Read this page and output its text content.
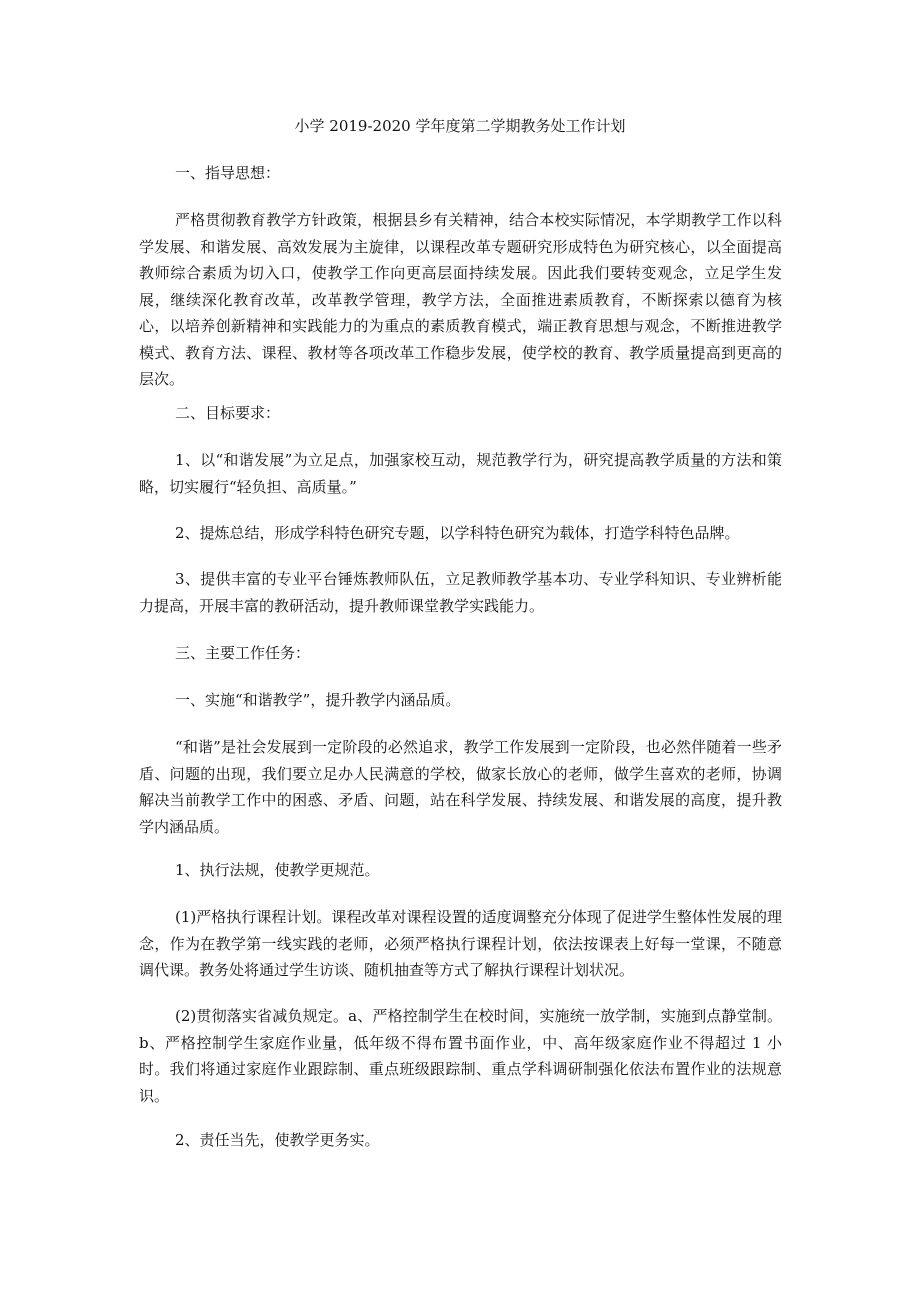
小学 2019-2020 学年度第二学期教务处工作计划

一、指导思想：

严格贯彻教育教学方针政策，根据县乡有关精神，结合本校实际情况，本学期教学工作以科学发展、和谐发展、高效发展为主旋律，以课程改革专题研究形成特色为研究核心，以全面提高教师综合素质为切入口，使教学工作向更高层面持续发展。因此我们要转变观念，立足学生发展，继续深化教育改革，改革教学管理，教学方法，全面推进素质教育，不断探索以德育为核心，以培养创新精神和实践能力的为重点的素质教育模式，端正教育思想与观念，不断推进教学模式、教育方法、课程、教材等各项改革工作稳步发展，使学校的教育、教学质量提高到更高的层次。

二、目标要求：

1、以“和谐发展”为立足点，加强家校互动，规范教学行为，研究提高教学质量的方法和策略，切实履行“轻负担、高质量。”

2、提炼总结，形成学科特色研究专题，以学科特色研究为载体，打造学科特色品牌。

3、提供丰富的专业平台锤炼教师队伍，立足教师教学基本功、专业学科知识、专业辨析能力提高，开展丰富的教研活动，提升教师课堂教学实践能力。

三、主要工作任务：

一、实施“和谐教学”，提升教学内涵品质。

“和谐”是社会发展到一定阶段的必然追求，教学工作发展到一定阶段，也必然伴随着一些矛盾、问题的出现，我们要立足办人民满意的学校，做家长放心的老师，做学生喜欢的老师，协调解决当前教学工作中的困惑、矛盾、问题，站在科学发展、持续发展、和谐发展的高度，提升教学内涵品质。

1、执行法规，使教学更规范。

(1)严格执行课程计划。课程改革对课程设置的适度调整充分体现了促进学生整体性发展的理念，作为在教学第一线实践的老师，必须严格执行课程计划，依法按课表上好每一堂课，不随意调代课。教务处将通过学生访谈、随机抽查等方式了解执行课程计划状况。

(2)贯彻落实省减负规定。a、严格控制学生在校时间，实施统一放学制，实施到点静堂制。b、严格控制学生家庭作业量，低年级不得布置书面作业，中、高年级家庭作业不得超过 1 小时。我们将通过家庭作业跟踪制、重点班级跟踪制、重点学科调研制强化依法布置作业的法规意识。

2、责任当先，使教学更务实。
